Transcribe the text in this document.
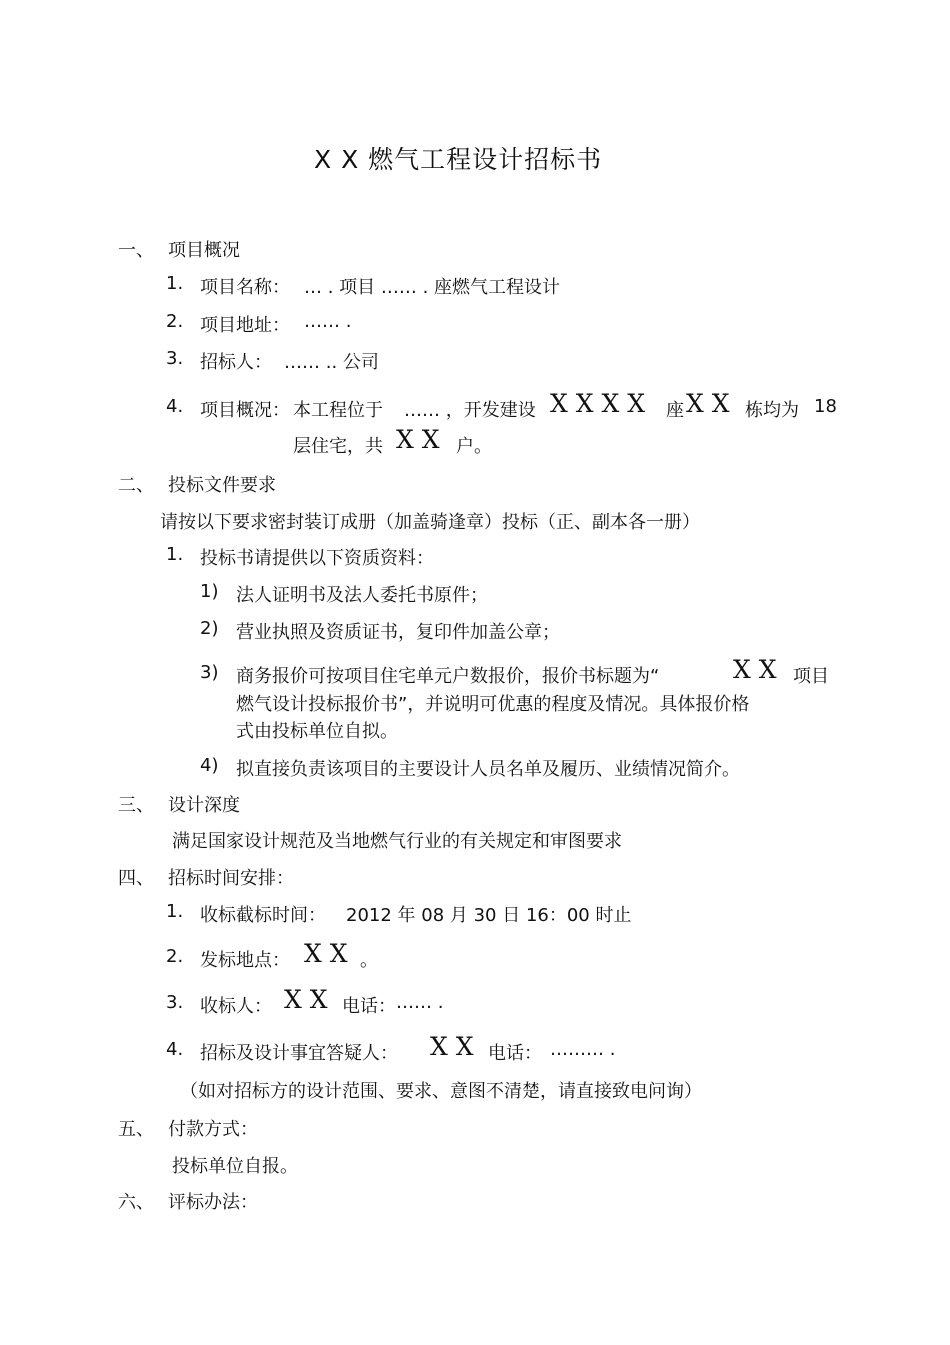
X X 燃气工程设计招标书
一、 项目概况
1. 项目名称： … . 项目 …… . 座燃气工程设计
2. 项目地址： …… .
3. 招标人： …… .. 公司
4. 项目概况： 本工程位于 …… ，开发建设 X X X X 座 X X 栋均为 18
层住宅，共 X X 户。
二、 投标文件要求
请按以下要求密封装订成册（加盖骑逢章）投标（正、副本各一册）
1. 投标书请提供以下资质资料：
1) 法人证明书及法人委托书原件；
2) 营业执照及资质证书，复印件加盖公章；
3) 商务报价可按项目住宅单元户数报价，报价书标题为“	X X 项目
燃气设计投标报价书”，并说明可优惠的程度及情况。具体报价格
式由投标单位自拟。
4) 拟直接负责该项目的主要设计人员名单及履历、业绩情况简介。
三、 设计深度
满足国家设计规范及当地燃气行业的有关规定和审图要求
四、 招标时间安排：
1. 收标截标时间： 2012 年 08 月 30 日 16：00 时止
2. 发标地点： X X 。
3. 收标人： X X 电话： …… .
4. 招标及设计事宜答疑人： X X 电话： ……… .
（如对招标方的设计范围、要求、意图不清楚，请直接致电问询）
五、 付款方式：
投标单位自报。
六、 评标办法：
